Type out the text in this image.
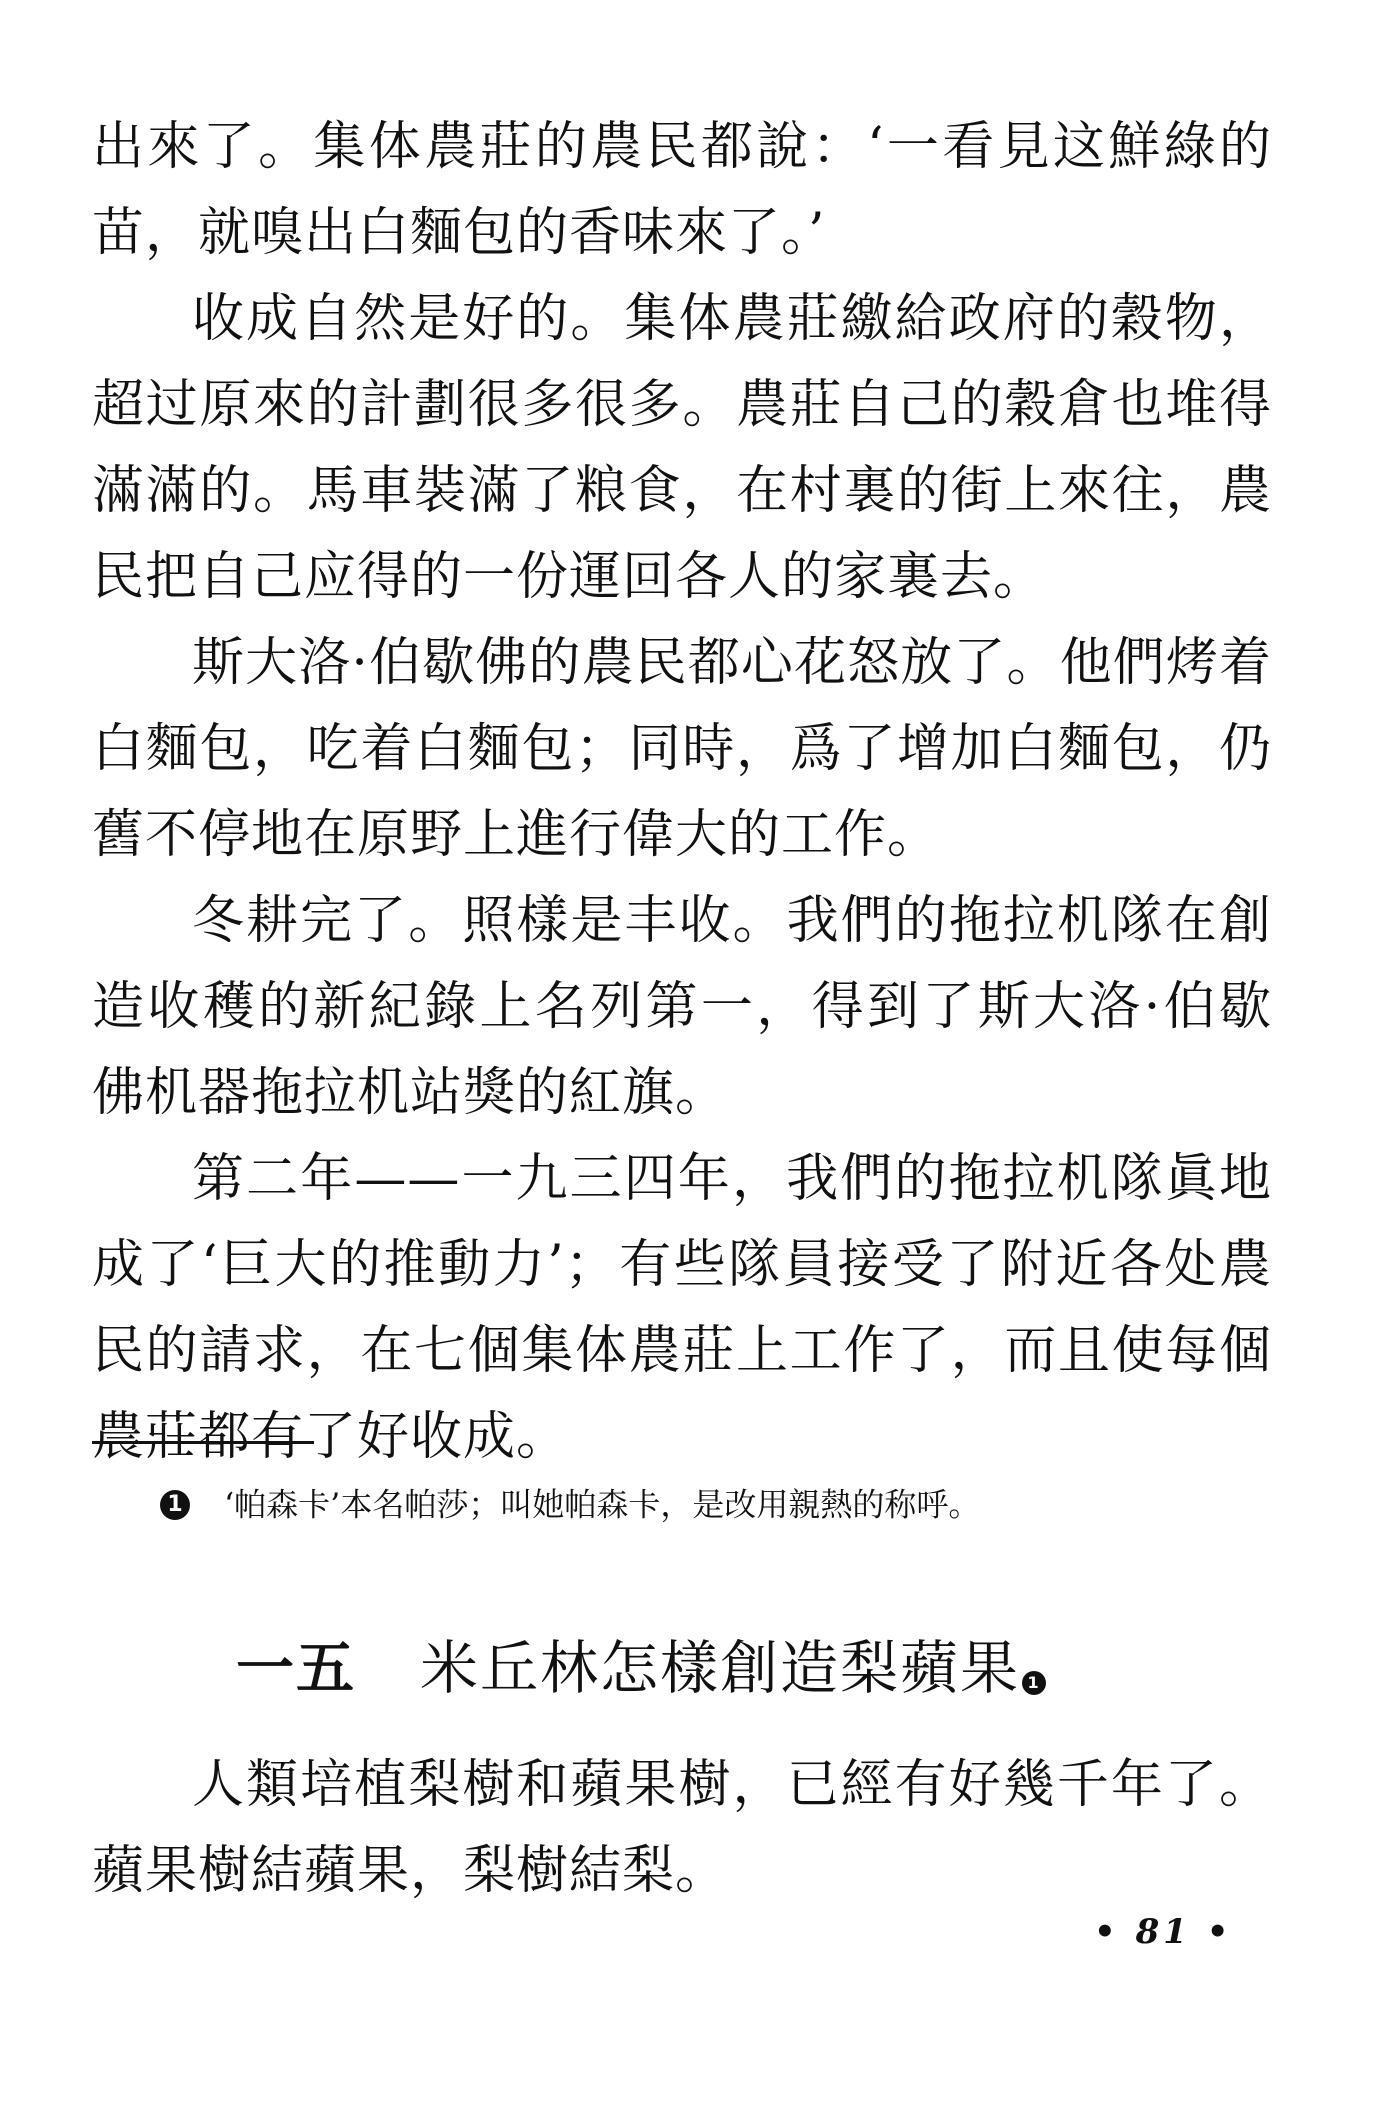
出來了。集体農莊的農民都說：‘一看見这鮮綠的苗，就嗅出白麵包的香味來了。’

收成自然是好的。集体農莊繳給政府的穀物，超过原來的計劃很多很多。農莊自己的穀倉也堆得滿滿的。馬車裝滿了粮食，在村裏的街上來往，農民把自己应得的一份運回各人的家裏去。

斯大洛·伯歇佛的農民都心花怒放了。他們烤着白麵包，吃着白麵包；同時，爲了增加白麵包，仍舊不停地在原野上進行偉大的工作。

冬耕完了。照樣是丰收。我們的拖拉机隊在創造收穫的新紀錄上名列第一，得到了斯大洛·伯歇佛机器拖拉机站獎的紅旗。

第二年——一九三四年，我們的拖拉机隊眞地成了‘巨大的推動力’；有些隊員接受了附近各处農民的請求，在七個集体農莊上工作了，而且使每個農莊都有了好收成。

1 ‘帕森卡’本名帕莎；叫她帕森卡，是改用親熱的称呼。
一五 米丘林怎樣創造梨蘋果 1

人類培植梨樹和蘋果樹，已經有好幾千年了。蘋果樹結蘋果，梨樹結梨。

• 81 •
